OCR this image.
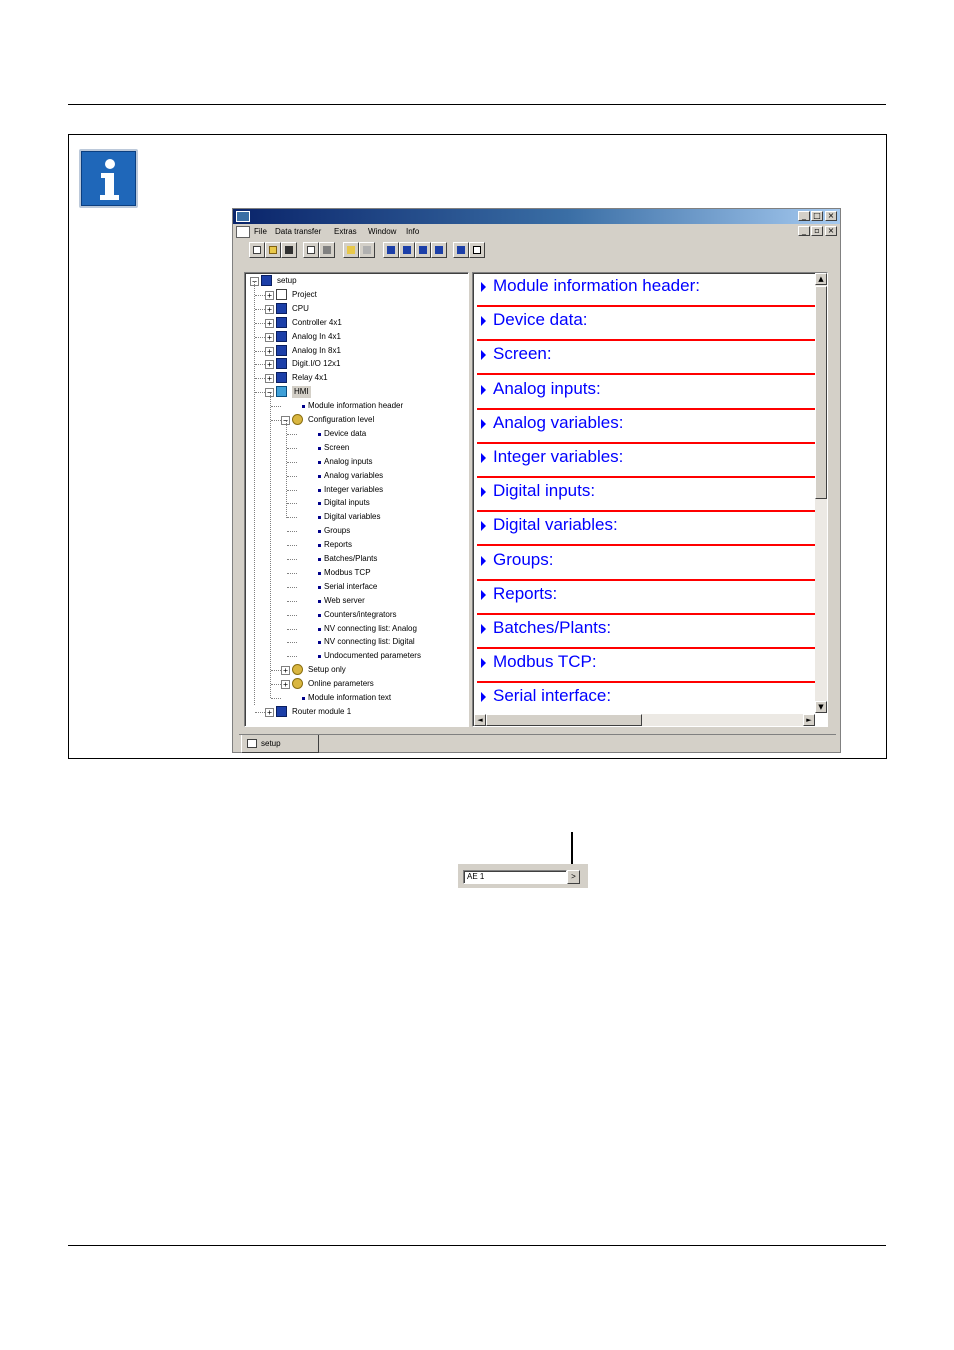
_ □ ×
File Data transfer Extras Window Info	_	▫ ×
−	setup
+	Project
+	CPU
+	Controller 4x1
+	Analog In 4x1
+	Analog In 8x1
+	Digit.I/O 12x1
+	Relay 4x1
−	HMI
Module information header
−	Configuration level
Device data
Screen
Analog inputs
Analog variables
Integer variables
Digital inputs
Digital variables
Groups
Reports
Batches/Plants
Modbus TCP
Serial interface
Web server
Counters/integrators
NV connecting list: Analog
NV connecting list: Digital
Undocumented parameters
+	Setup only
+	Online parameters
Module information text
+	Router module 1
Module information header:
Device data:
Screen:
Analog inputs:
Analog variables:
Integer variables:
Digital inputs:
Digital variables:
Groups:
Reports:
Batches/Plants:
Modbus TCP:
Serial interface:
▲
▼
◄	►
setup
AE 1	>
